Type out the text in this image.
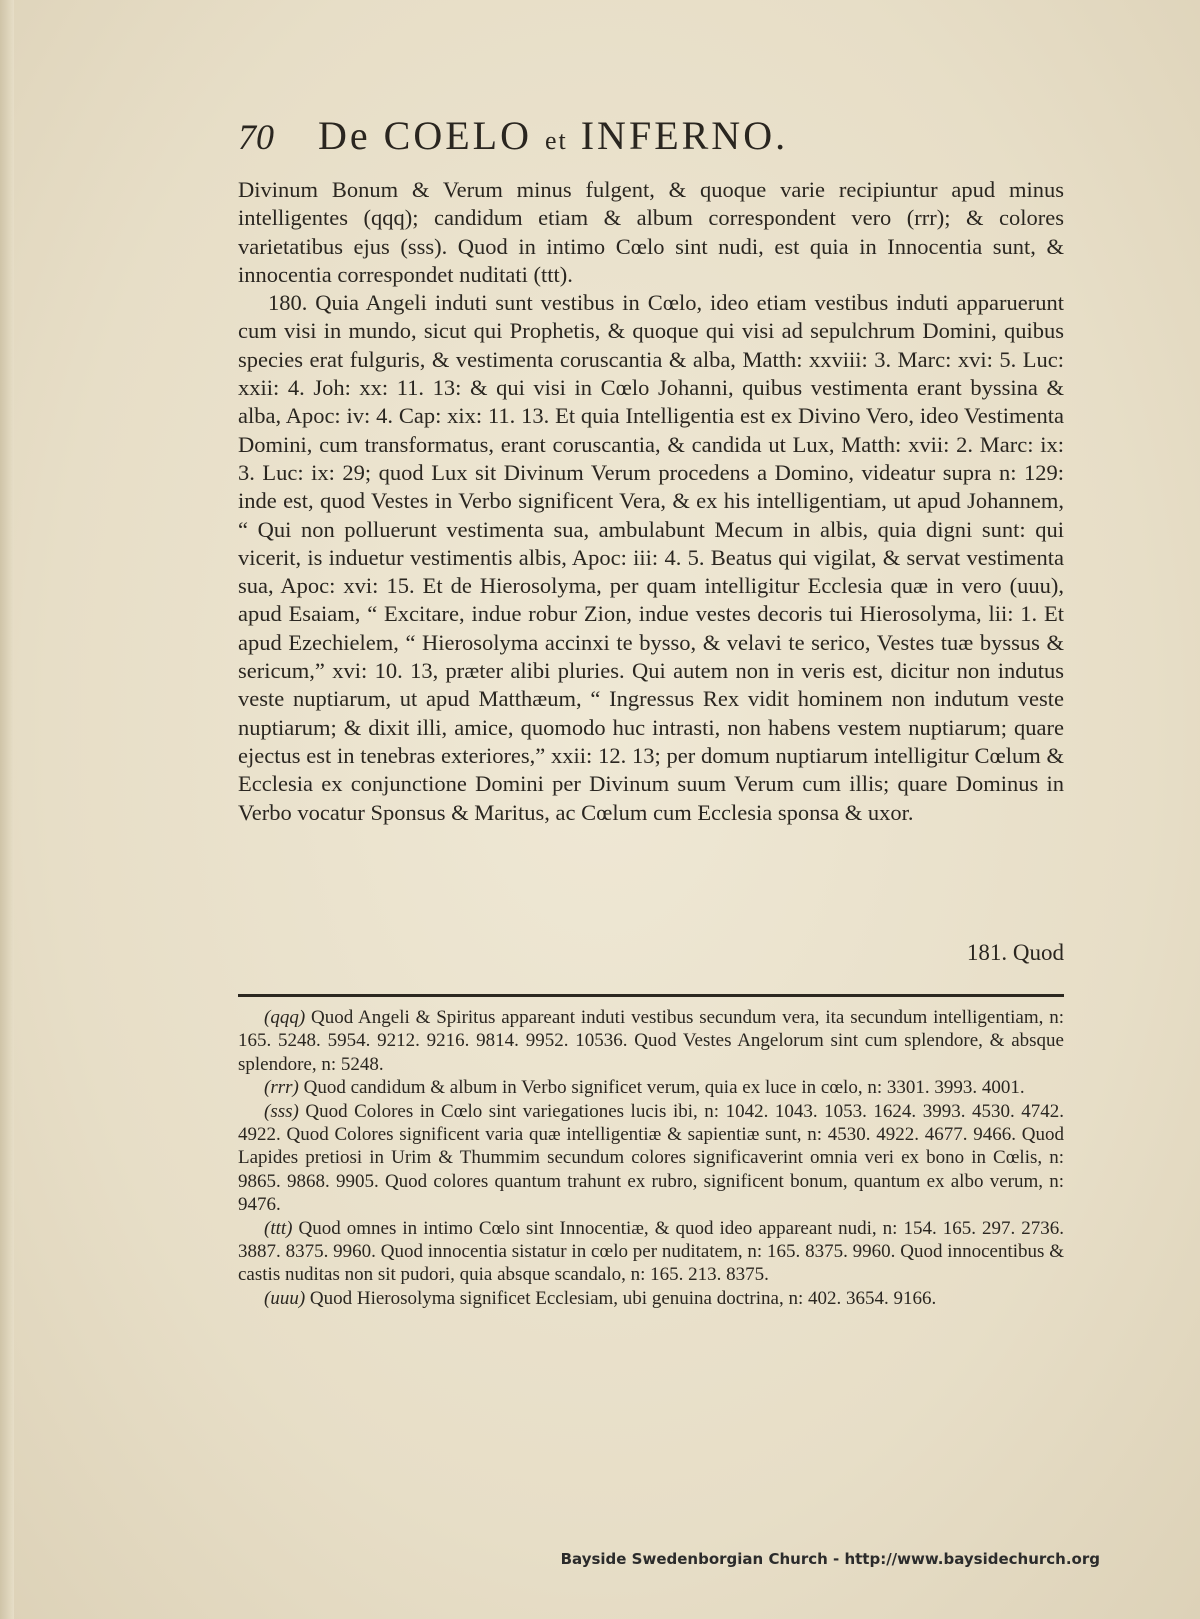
70	De COELO et INFERNO.

Divinum Bonum & Verum minus fulgent, & quoque varie recipiuntur apud minus intelligentes (qqq); candidum etiam & album correspondent vero (rrr); & colores varietatibus ejus (sss). Quod in intimo Cœlo sint nudi, est quia in Innocentia sunt, & innocentia correspondet nuditati (ttt).

180. Quia Angeli induti sunt vestibus in Cœlo, ideo etiam vestibus induti apparuerunt cum visi in mundo, sicut qui Prophetis, & quoque qui visi ad sepulchrum Domini, quibus species erat fulguris, & vestimenta coruscantia & alba, Matth: xxviii: 3. Marc: xvi: 5. Luc: xxii: 4. Joh: xx: 11. 13: & qui visi in Cœlo Johanni, quibus vestimenta erant byssina & alba, Apoc: iv: 4. Cap: xix: 11. 13. Et quia Intelligentia est ex Divino Vero, ideo Vestimenta Domini, cum transformatus, erant coruscantia, & candida ut Lux, Matth: xvii: 2. Marc: ix: 3. Luc: ix: 29; quod Lux sit Divinum Verum procedens a Domino, videatur supra n: 129: inde est, quod Vestes in Verbo significent Vera, & ex his intelligentiam, ut apud Johannem, “ Qui non polluerunt vestimenta sua, ambulabunt Mecum in albis, quia digni sunt: qui vicerit, is induetur vestimentis albis, Apoc: iii: 4. 5. Beatus qui vigilat, & servat vestimenta sua, Apoc: xvi: 15. Et de Hierosolyma, per quam intelligitur Ecclesia quæ in vero (uuu), apud Esaiam, “ Excitare, indue robur Zion, indue vestes decoris tui Hierosolyma, lii: 1. Et apud Ezechielem, “ Hierosolyma accinxi te bysso, & velavi te serico, Vestes tuæ byssus & sericum,” xvi: 10. 13, præter alibi pluries. Qui autem non in veris est, dicitur non indutus veste nuptiarum, ut apud Matthæum, “ Ingressus Rex vidit hominem non indutum veste nuptiarum; & dixit illi, amice, quomodo huc intrasti, non habens vestem nuptiarum; quare ejectus est in tenebras exteriores,” xxii: 12. 13; per domum nuptiarum intelligitur Cœlum & Ecclesia ex conjunctione Domini per Divinum suum Verum cum illis; quare Dominus in Verbo vocatur Sponsus & Maritus, ac Cœlum cum Ecclesia sponsa & uxor.

181. Quod

(qqq) Quod Angeli & Spiritus appareant induti vestibus secundum vera, ita secundum intelligentiam, n: 165. 5248. 5954. 9212. 9216. 9814. 9952. 10536. Quod Vestes Angelorum sint cum splendore, & absque splendore, n: 5248.

(rrr) Quod candidum & album in Verbo significet verum, quia ex luce in cœlo, n: 3301. 3993. 4001.

(sss) Quod Colores in Cœlo sint variegationes lucis ibi, n: 1042. 1043. 1053. 1624. 3993. 4530. 4742. 4922. Quod Colores significent varia quæ intelligentiæ & sapientiæ sunt, n: 4530. 4922. 4677. 9466. Quod Lapides pretiosi in Urim & Thummim secundum colores significaverint omnia veri ex bono in Cœlis, n: 9865. 9868. 9905. Quod colores quantum trahunt ex rubro, significent bonum, quantum ex albo verum, n: 9476.

(ttt) Quod omnes in intimo Cœlo sint Innocentiæ, & quod ideo appareant nudi, n: 154. 165. 297. 2736. 3887. 8375. 9960. Quod innocentia sistatur in cœlo per nuditatem, n: 165. 8375. 9960. Quod innocentibus & castis nuditas non sit pudori, quia absque scandalo, n: 165. 213. 8375.

(uuu) Quod Hierosolyma significet Ecclesiam, ubi genuina doctrina, n: 402. 3654. 9166.

Bayside Swedenborgian Church - http://www.baysidechurch.org
